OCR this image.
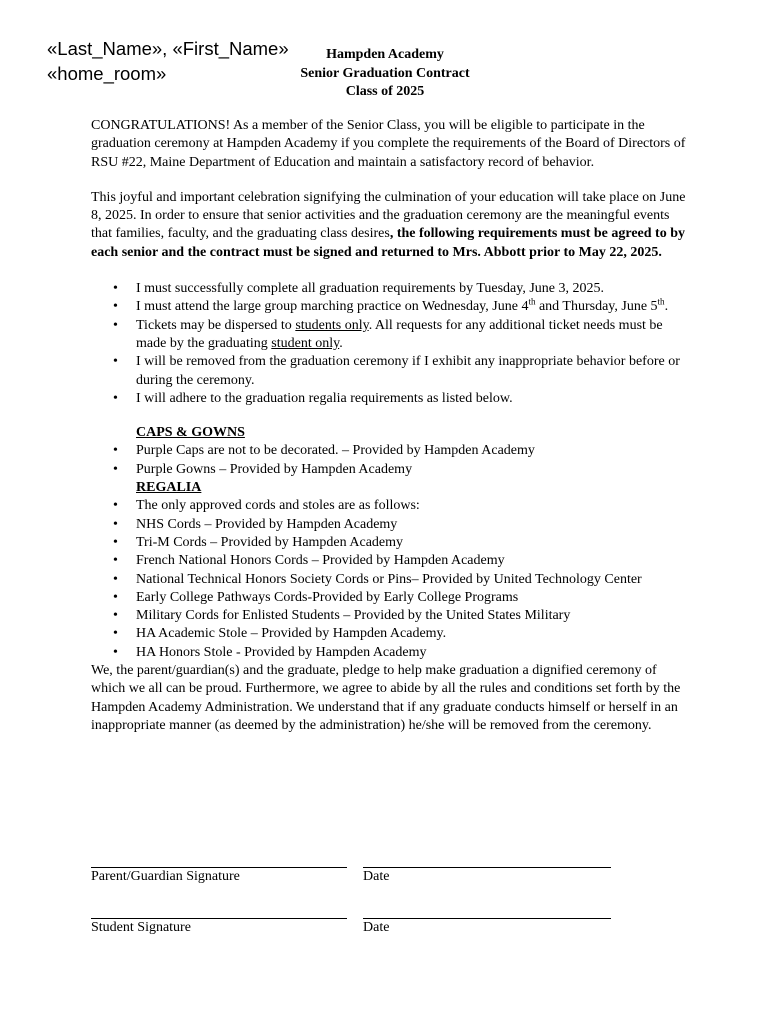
«Last_Name», «First_Name»
«home_room»
Hampden Academy
Senior Graduation Contract
Class of 2025

CONGRATULATIONS! As a member of the Senior Class, you will be eligible to participate in the graduation ceremony at Hampden Academy if you complete the requirements of the Board of Directors of RSU #22, Maine Department of Education and maintain a satisfactory record of behavior.

This joyful and important celebration signifying the culmination of your education will take place on June 8, 2025. In order to ensure that senior activities and the graduation ceremony are the meaningful events that families, faculty, and the graduating class desires, the following requirements must be agreed to by each senior and the contract must be signed and returned to Mrs. Abbott prior to May 22, 2025.

• I must successfully complete all graduation requirements by Tuesday, June 3, 2025.
• I must attend the large group marching practice on Wednesday, June 4th and Thursday, June 5th.
• Tickets may be dispersed to students only. All requests for any additional ticket needs must be made by the graduating student only.
• I will be removed from the graduation ceremony if I exhibit any inappropriate behavior before or during the ceremony.
• I will adhere to the graduation regalia requirements as listed below.
CAPS & GOWNS
• Purple Caps are not to be decorated. – Provided by Hampden Academy
• Purple Gowns – Provided by Hampden Academy
REGALIA
• The only approved cords and stoles are as follows:
• NHS Cords – Provided by Hampden Academy
• Tri-M Cords – Provided by Hampden Academy
• French National Honors Cords – Provided by Hampden Academy
• National Technical Honors Society Cords or Pins– Provided by United Technology Center
• Early College Pathways Cords-Provided by Early College Programs
• Military Cords for Enlisted Students – Provided by the United States Military
• HA Academic Stole – Provided by Hampden Academy.
• HA Honors Stole - Provided by Hampden Academy

We, the parent/guardian(s) and the graduate, pledge to help make graduation a dignified ceremony of which we all can be proud. Furthermore, we agree to abide by all the rules and conditions set forth by the Hampden Academy Administration. We understand that if any graduate conducts himself or herself in an inappropriate manner (as deemed by the administration) he/she will be removed from the ceremony.

Parent/Guardian Signature	Date
Student Signature	Date
